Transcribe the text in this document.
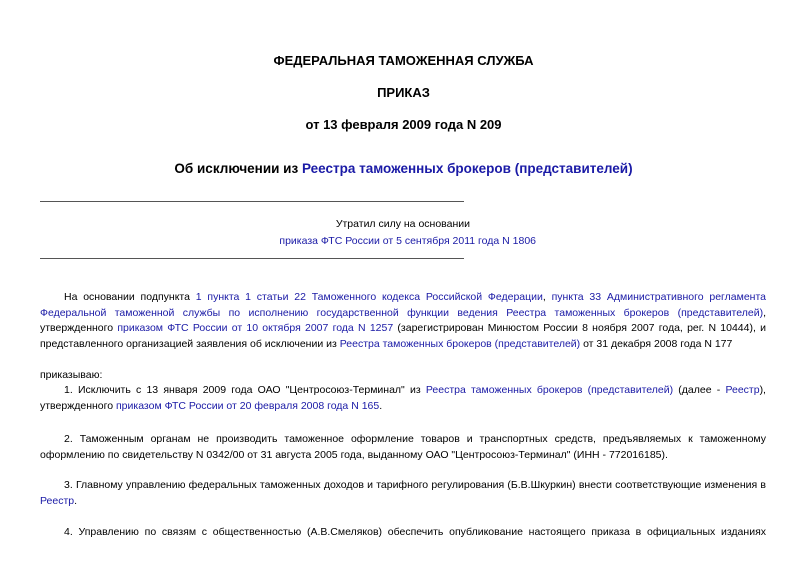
ФЕДЕРАЛЬНАЯ ТАМОЖЕННАЯ СЛУЖБА
ПРИКАЗ
от 13 февраля 2009 года N 209
Об исключении из Реестра таможенных брокеров (представителей)
Утратил силу на основании
приказа ФТС России от 5 сентября 2011 года N 1806
На основании подпункта 1 пункта 1 статьи 22 Таможенного кодекса Российской Федерации, пункта 33 Административного регламента Федеральной таможенной службы по исполнению государственной функции ведения Реестра таможенных брокеров (представителей), утвержденного приказом ФТС России от 10 октября 2007 года N 1257 (зарегистрирован Минюстом России 8 ноября 2007 года, рег. N 10444), и представленного организацией заявления об исключении из Реестра таможенных брокеров (представителей) от 31 декабря 2008 года N 177
приказываю:
1. Исключить с 13 января 2009 года ОАО "Центросоюз-Терминал" из Реестра таможенных брокеров (представителей) (далее - Реестр), утвержденного приказом ФТС России от 20 февраля 2008 года N 165.
2. Таможенным органам не производить таможенное оформление товаров и транспортных средств, предъявляемых к таможенному оформлению по свидетельству N 0342/00 от 31 августа 2005 года, выданному ОАО "Центросоюз-Терминал" (ИНН - 772016185).
3. Главному управлению федеральных таможенных доходов и тарифного регулирования (Б.В.Шкуркин) внести соответствующие изменения в Реестр.
4. Управлению по связям с общественностью (А.В.Смеляков) обеспечить опубликование настоящего приказа в официальных изданиях
